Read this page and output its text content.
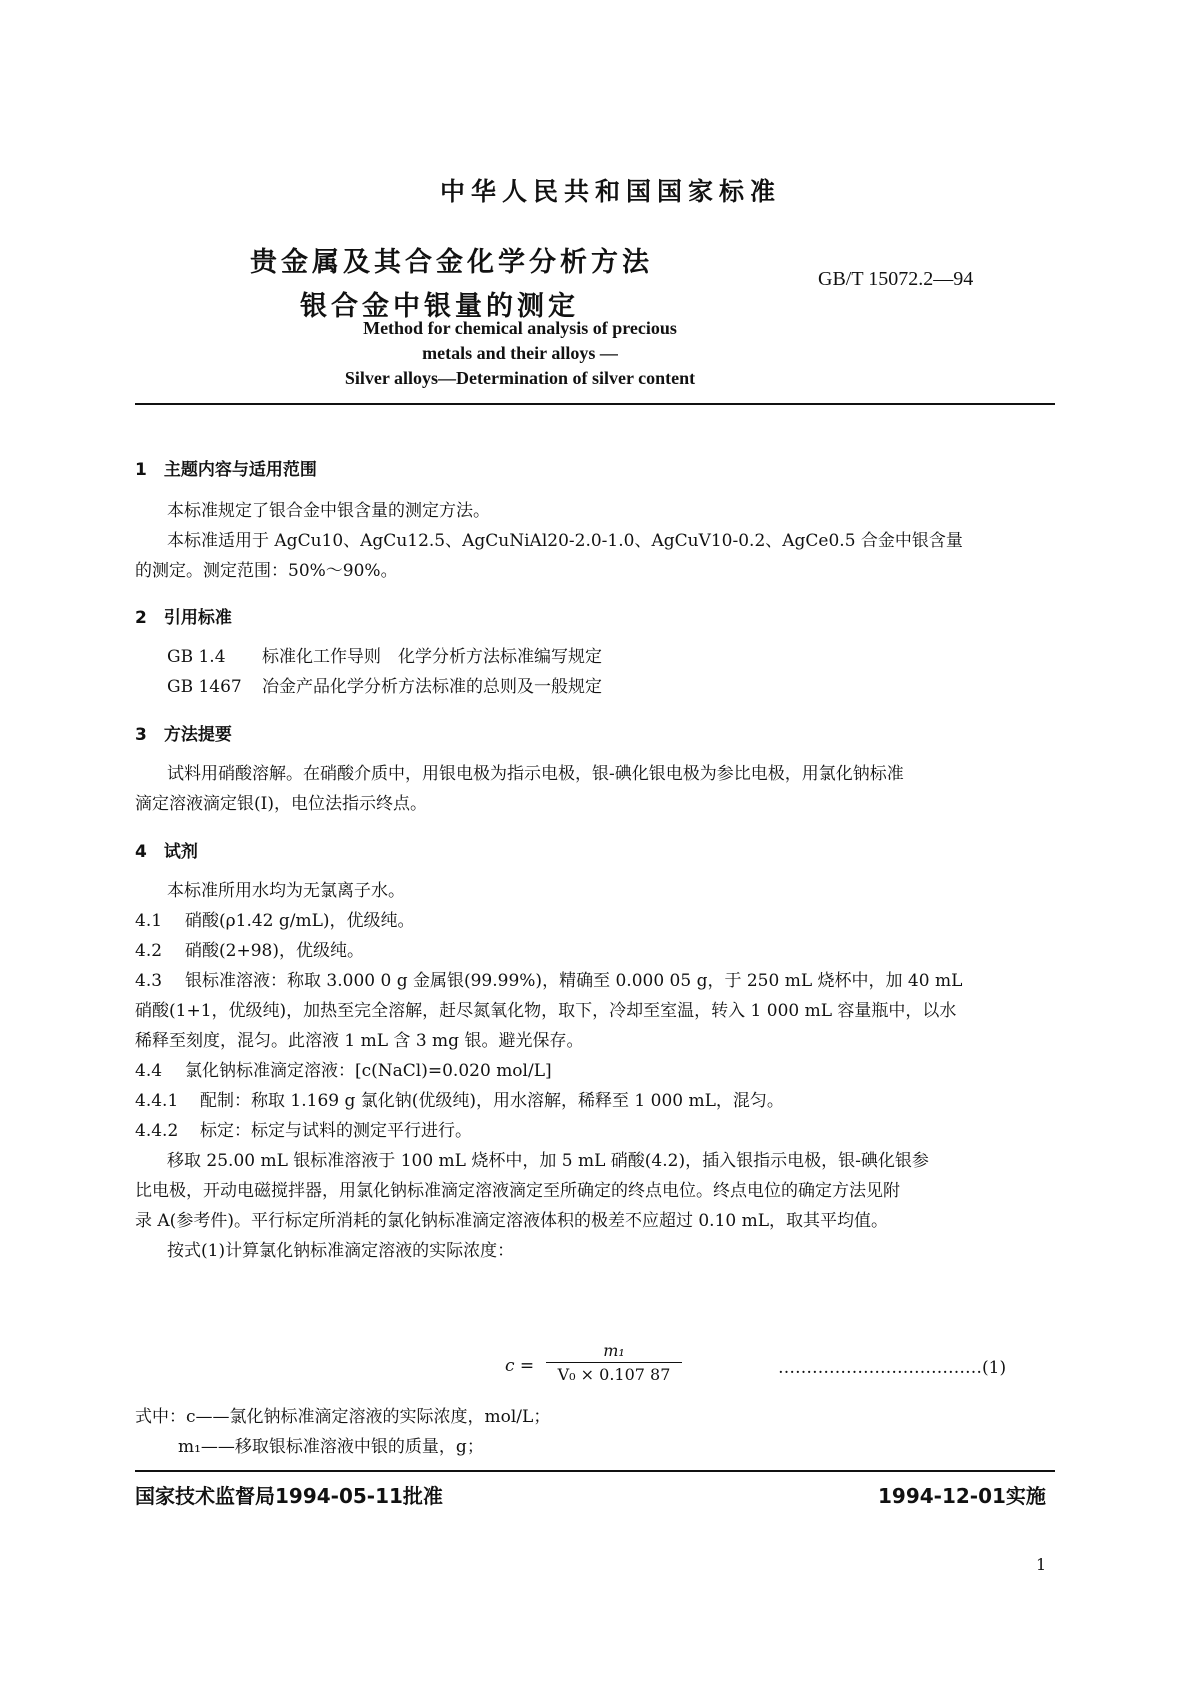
中华人民共和国国家标准
贵金属及其合金化学分析方法
银合金中银量的测定
GB/T 15072.2—94
Method for chemical analysis of precious
metals and their alloys —
Silver alloys—Determination of silver content
1　主题内容与适用范围
本标准规定了银合金中银含量的测定方法。
本标准适用于 AgCu10、AgCu12.5、AgCuNiAl20-2.0-1.0、AgCuV10-0.2、AgCe0.5 合金中银含量
的测定。测定范围：50%～90%。
2　引用标准
GB 1.4 标准化工作导则　化学分析方法标准编写规定
GB 1467 冶金产品化学分析方法标准的总则及一般规定
3　方法提要
试料用硝酸溶解。在硝酸介质中，用银电极为指示电极，银-碘化银电极为参比电极，用氯化钠标准
滴定溶液滴定银(I)，电位法指示终点。
4　试剂
本标准所用水均为无氯离子水。
4.1 硝酸(ρ1.42 g/mL)，优级纯。
4.2 硝酸(2+98)，优级纯。
4.3 银标准溶液：称取 3.000 0 g 金属银(99.99%)，精确至 0.000 05 g，于 250 mL 烧杯中，加 40 mL
硝酸(1+1，优级纯)，加热至完全溶解，赶尽氮氧化物，取下，冷却至室温，转入 1 000 mL 容量瓶中，以水
稀释至刻度，混匀。此溶液 1 mL 含 3 mg 银。避光保存。
4.4 氯化钠标准滴定溶液：[c(NaCl)=0.020 mol/L]
4.4.1 配制：称取 1.169 g 氯化钠(优级纯)，用水溶解，稀释至 1 000 mL，混匀。
4.4.2 标定：标定与试料的测定平行进行。
移取 25.00 mL 银标准溶液于 100 mL 烧杯中，加 5 mL 硝酸(4.2)，插入银指示电极，银-碘化银参
比电极，开动电磁搅拌器，用氯化钠标准滴定溶液滴定至所确定的终点电位。终点电位的确定方法见附
录 A(参考件)。平行标定所消耗的氯化钠标准滴定溶液体积的极差不应超过 0.10 mL，取其平均值。
按式(1)计算氯化钠标准滴定溶液的实际浓度：
$c = \frac{\text{m₁}}{\text{V₀ × 0.107 87}}$	………………………………(1)
式中：c——氯化钠标准滴定溶液的实际浓度，mol/L；
m₁——移取银标准溶液中银的质量，g；
国家技术监督局1994-05-11批准	1994-12-01实施
1
